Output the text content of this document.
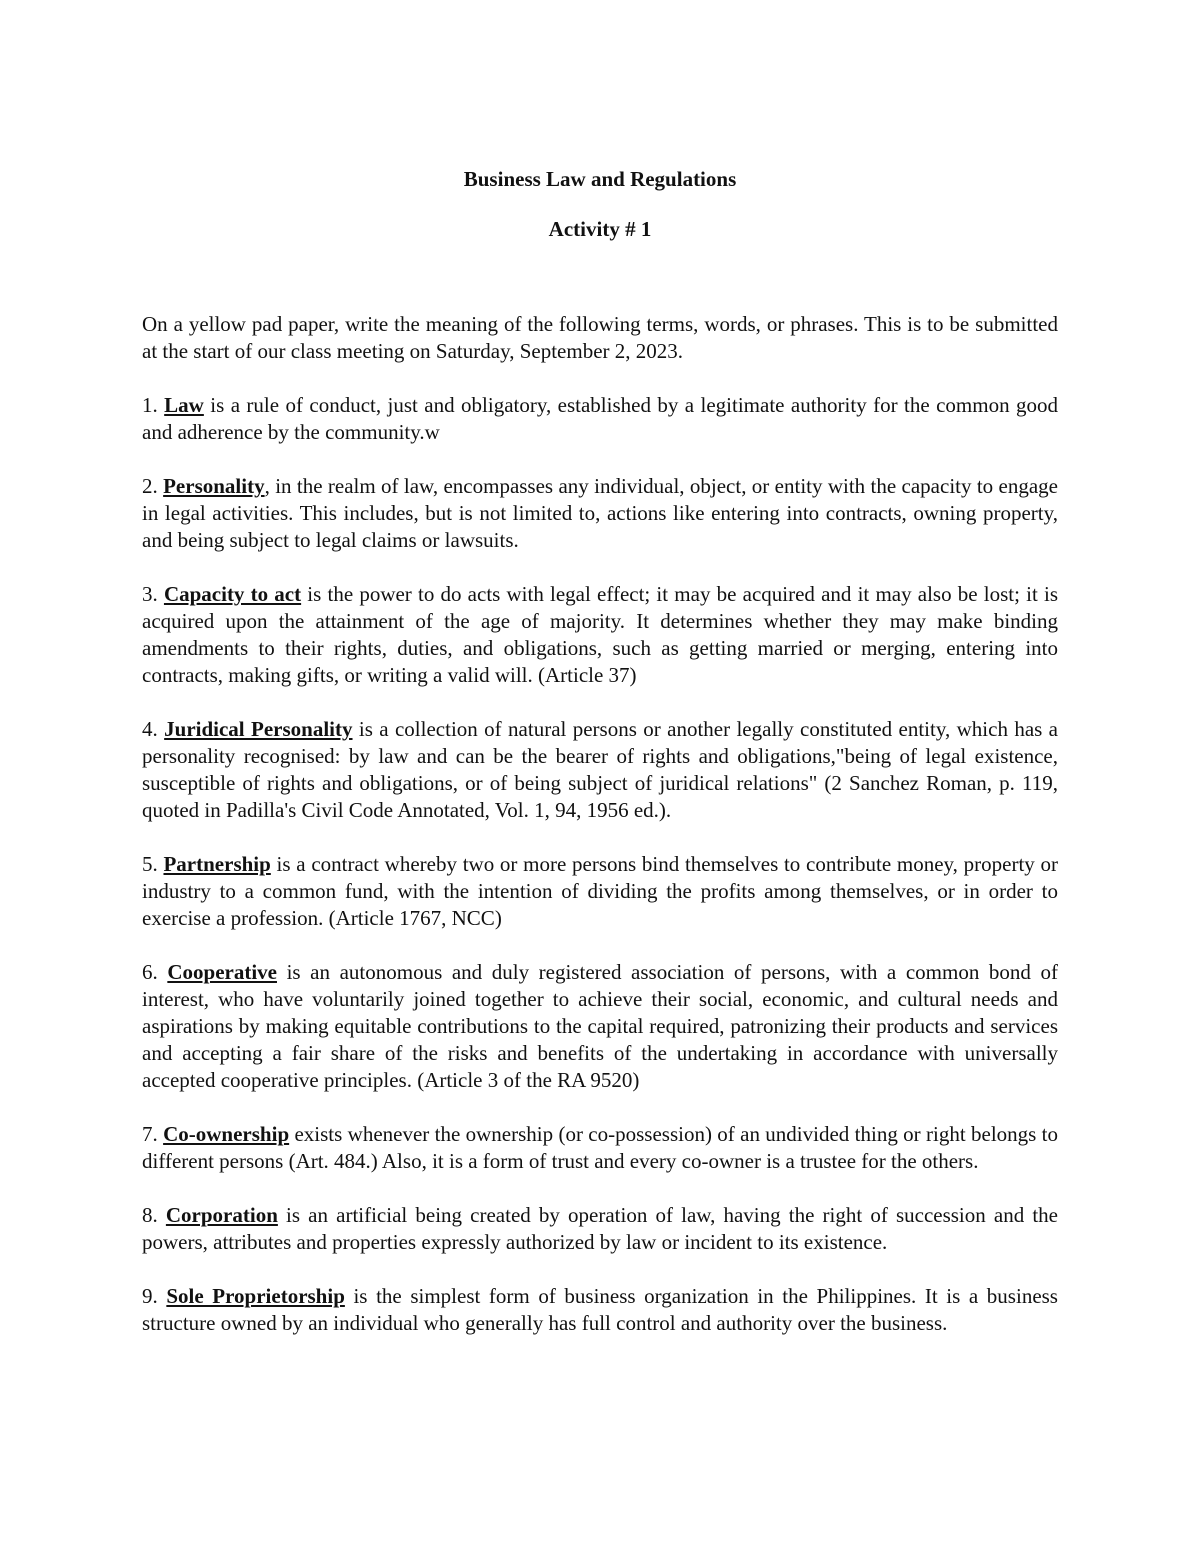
Business Law and Regulations

Activity # 1

On a yellow pad paper, write the meaning of the following terms, words, or phrases. This is to be submitted at the start of our class meeting on Saturday, September 2, 2023.

1. Law is a rule of conduct, just and obligatory, established by a legitimate authority for the common good and adherence by the community.w

2. Personality, in the realm of law, encompasses any individual, object, or entity with the capacity to engage in legal activities. This includes, but is not limited to, actions like entering into contracts, owning property, and being subject to legal claims or lawsuits.

3. Capacity to act is the power to do acts with legal effect; it may be acquired and it may also be lost; it is acquired upon the attainment of the age of majority. It determines whether they may make binding amendments to their rights, duties, and obligations, such as getting married or merging, entering into contracts, making gifts, or writing a valid will. (Article 37)

4. Juridical Personality is a collection of natural persons or another legally constituted entity, which has a personality recognised: by law and can be the bearer of rights and obligations,"being of legal existence, susceptible of rights and obligations, or of being subject of juridical relations" (2 Sanchez Roman, p. 119, quoted in Padilla's Civil Code Annotated, Vol. 1, 94, 1956 ed.).

5. Partnership is a contract whereby two or more persons bind themselves to contribute money, property or industry to a common fund, with the intention of dividing the profits among themselves, or in order to exercise a profession. (Article 1767, NCC)

6. Cooperative is an autonomous and duly registered association of persons, with a common bond of interest, who have voluntarily joined together to achieve their social, economic, and cultural needs and aspirations by making equitable contributions to the capital required, patronizing their products and services and accepting a fair share of the risks and benefits of the undertaking in accordance with universally accepted cooperative principles. (Article 3 of the RA 9520)

7. Co-ownership exists whenever the ownership (or co-possession) of an undivided thing or right belongs to different persons (Art. 484.) Also, it is a form of trust and every co-owner is a trustee for the others.

8. Corporation is an artificial being created by operation of law, having the right of succession and the powers, attributes and properties expressly authorized by law or incident to its existence.

9. Sole Proprietorship is the simplest form of business organization in the Philippines. It is a business structure owned by an individual who generally has full control and authority over the business.
